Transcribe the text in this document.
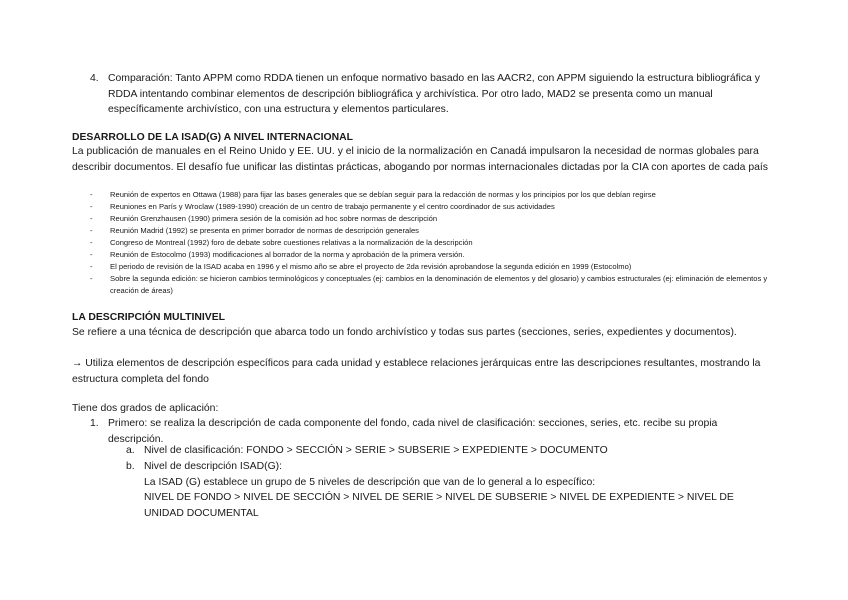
4. Comparación: Tanto APPM como RDDA tienen un enfoque normativo basado en las AACR2, con APPM siguiendo la estructura bibliográfica y RDDA intentando combinar elementos de descripción bibliográfica y archivística. Por otro lado, MAD2 se presenta como un manual específicamente archivístico, con una estructura y elementos particulares.
DESARROLLO DE LA ISAD(G) A NIVEL INTERNACIONAL
La publicación de manuales en el Reino Unido y EE. UU. y el inicio de la normalización en Canadá impulsaron la necesidad de normas globales para describir documentos. El desafío fue unificar las distintas prácticas, abogando por normas internacionales dictadas por la CIA con aportes de cada país
- Reunión de expertos en Ottawa (1988) para fijar las bases generales que se debían seguir para la redacción de normas y los principios por los que debían regirse
- Reuniones en París y Wroclaw (1989-1990) creación de un centro de trabajo permanente y el centro coordinador de sus actividades
- Reunión Grenzhausen (1990) primera sesión de la comisión ad hoc sobre normas de descripción
- Reunión Madrid (1992) se presenta en primer borrador de normas de descripción generales
- Congreso de Montreal (1992) foro de debate sobre cuestiones relativas a la normalización de la descripción
- Reunión de Estocolmo (1993) modificaciones al borrador de la norma y aprobación de la primera versión.
- El periodo de revisión de la ISAD acaba en 1996 y el mismo año se abre el proyecto de 2da revisión aprobandose la segunda edición en 1999 (Estocolmo)
- Sobre la segunda edición: se hicieron cambios terminológicos y conceptuales (ej: cambios en la denominación de elementos y del glosario) y cambios estructurales (ej: eliminación de elementos y creación de áreas)
LA DESCRIPCIÓN MULTINIVEL
Se refiere a una técnica de descripción que abarca todo un fondo archivístico y todas sus partes (secciones, series, expedientes y documentos).
→ Utiliza elementos de descripción específicos para cada unidad y establece relaciones jerárquicas entre las descripciones resultantes, mostrando la estructura completa del fondo
Tiene dos grados de aplicación:
1. Primero: se realiza la descripción de cada componente del fondo, cada nivel de clasificación: secciones, series, etc. recibe su propia descripción.
a. Nivel de clasificación: FONDO > SECCIÓN > SERIE > SUBSERIE > EXPEDIENTE > DOCUMENTO
b. Nivel de descripción ISAD(G):
La ISAD (G) establece un grupo de 5 niveles de descripción que van de lo general a lo específico:
NIVEL DE FONDO > NIVEL DE SECCIÓN > NIVEL DE SERIE > NIVEL DE SUBSERIE > NIVEL DE EXPEDIENTE > NIVEL DE UNIDAD DOCUMENTAL
